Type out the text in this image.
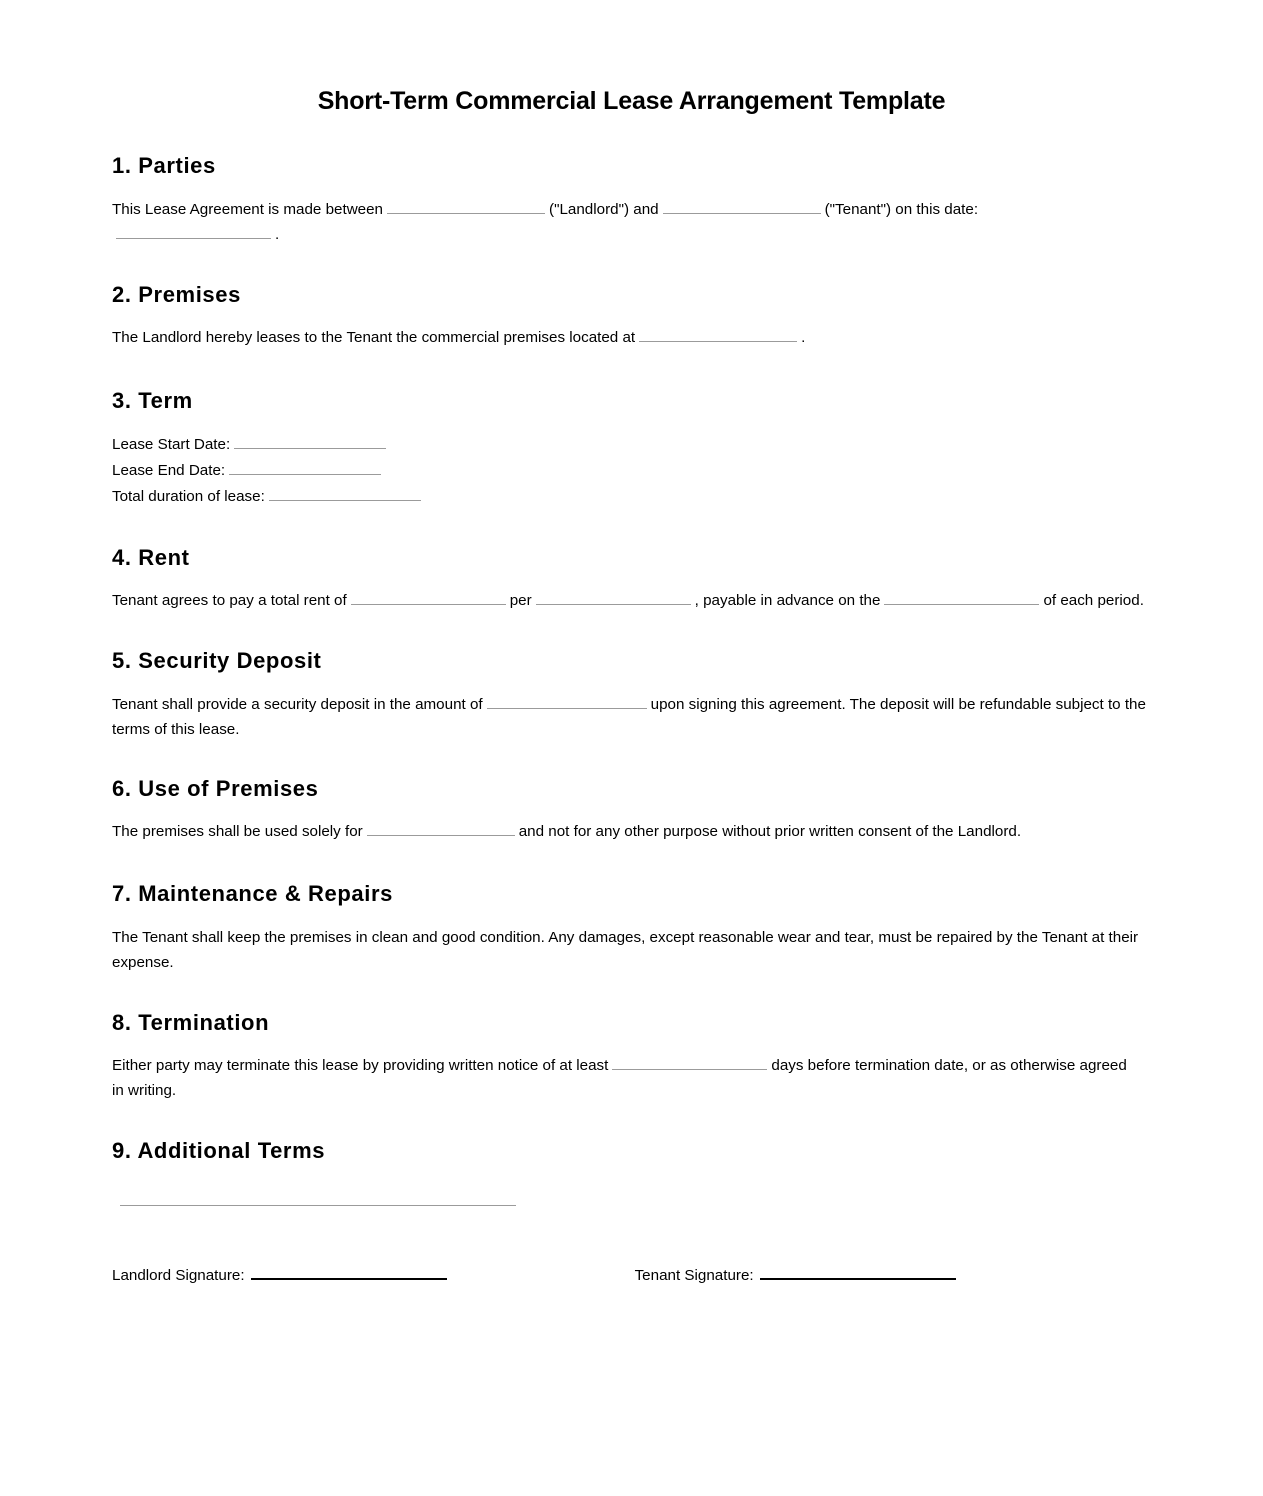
Short-Term Commercial Lease Arrangement Template
1. Parties

This Lease Agreement is made between	("Landlord") and	("Tenant") on this date:
.

2. Premises

The Landlord hereby leases to the Tenant the commercial premises located at	.

3. Term
Lease Start Date:
Lease End Date:
Total duration of lease:
4. Rent

Tenant agrees to pay a total rent of	per	, payable in advance on the	of each period.

5. Security Deposit

Tenant shall provide a security deposit in the amount of	upon signing this agreement. The deposit will be refundable subject to the terms of this lease.

6. Use of Premises

The premises shall be used solely for	and not for any other purpose without prior written consent of the Landlord.

7. Maintenance & Repairs

The Tenant shall keep the premises in clean and good condition. Any damages, except reasonable wear and tear, must be repaired by the Tenant at their expense.

8. Termination

Either party may terminate this lease by providing written notice of at least	days before termination date, or as otherwise agreed in writing.

9. Additional Terms
Landlord Signature:	Tenant Signature:
